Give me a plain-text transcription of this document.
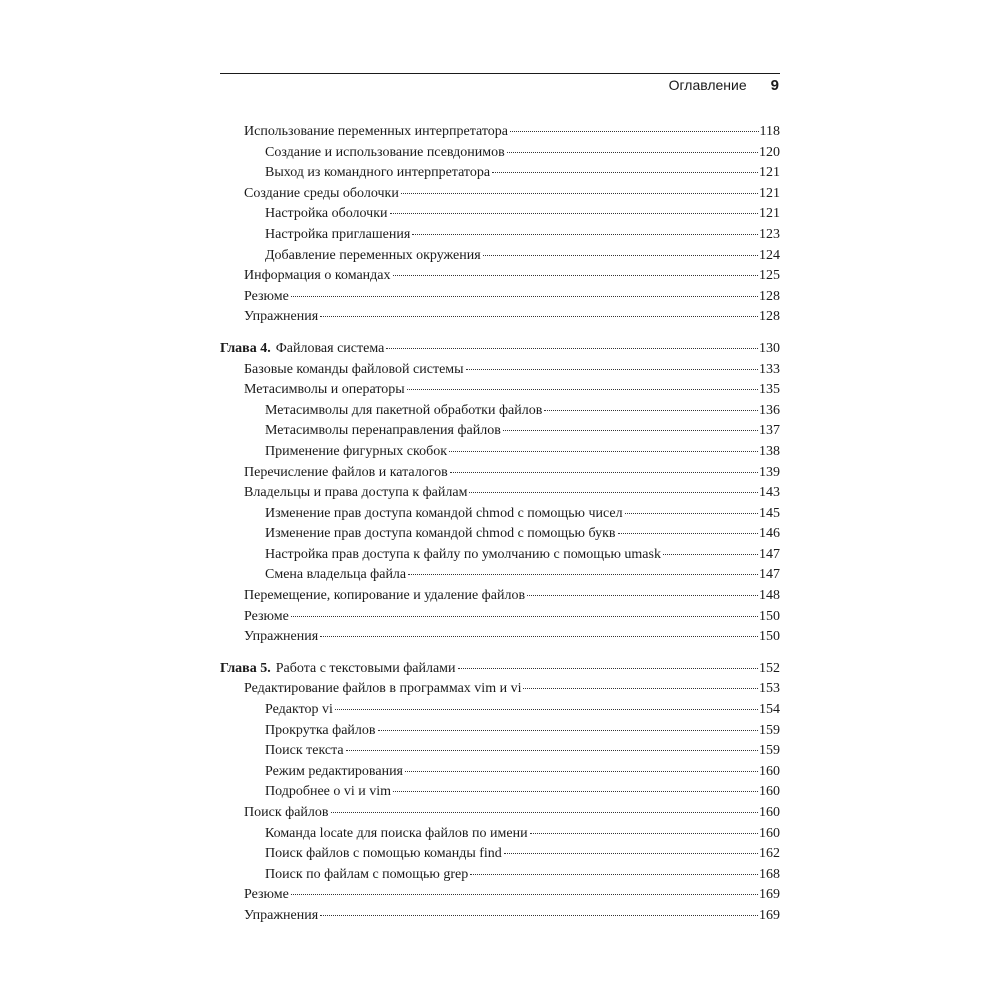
Оглавление 9
Использование переменных интерпретатора	118
Создание и использование псевдонимов	120
Выход из командного интерпретатора	121
Создание среды оболочки	121
Настройка оболочки	121
Настройка приглашения	123
Добавление переменных окружения	124
Информация о командах	125
Резюме	128
Упражнения	128
Глава 4. Файловая система	130
Базовые команды файловой системы	133
Метасимволы и операторы	135
Метасимволы для пакетной обработки файлов	136
Метасимволы перенаправления файлов	137
Применение фигурных скобок	138
Перечисление файлов и каталогов	139
Владельцы и права доступа к файлам	143
Изменение прав доступа командой chmod с помощью чисел	145
Изменение прав доступа командой chmod с помощью букв	146
Настройка прав доступа к файлу по умолчанию с помощью umask	147
Смена владельца файла	147
Перемещение, копирование и удаление файлов	148
Резюме	150
Упражнения	150
Глава 5. Работа с текстовыми файлами	152
Редактирование файлов в программах vim и vi	153
Редактор vi	154
Прокрутка файлов	159
Поиск текста	159
Режим редактирования	160
Подробнее о vi и vim	160
Поиск файлов	160
Команда locate для поиска файлов по имени	160
Поиск файлов с помощью команды find	162
Поиск по файлам с помощью grep	168
Резюме	169
Упражнения	169
